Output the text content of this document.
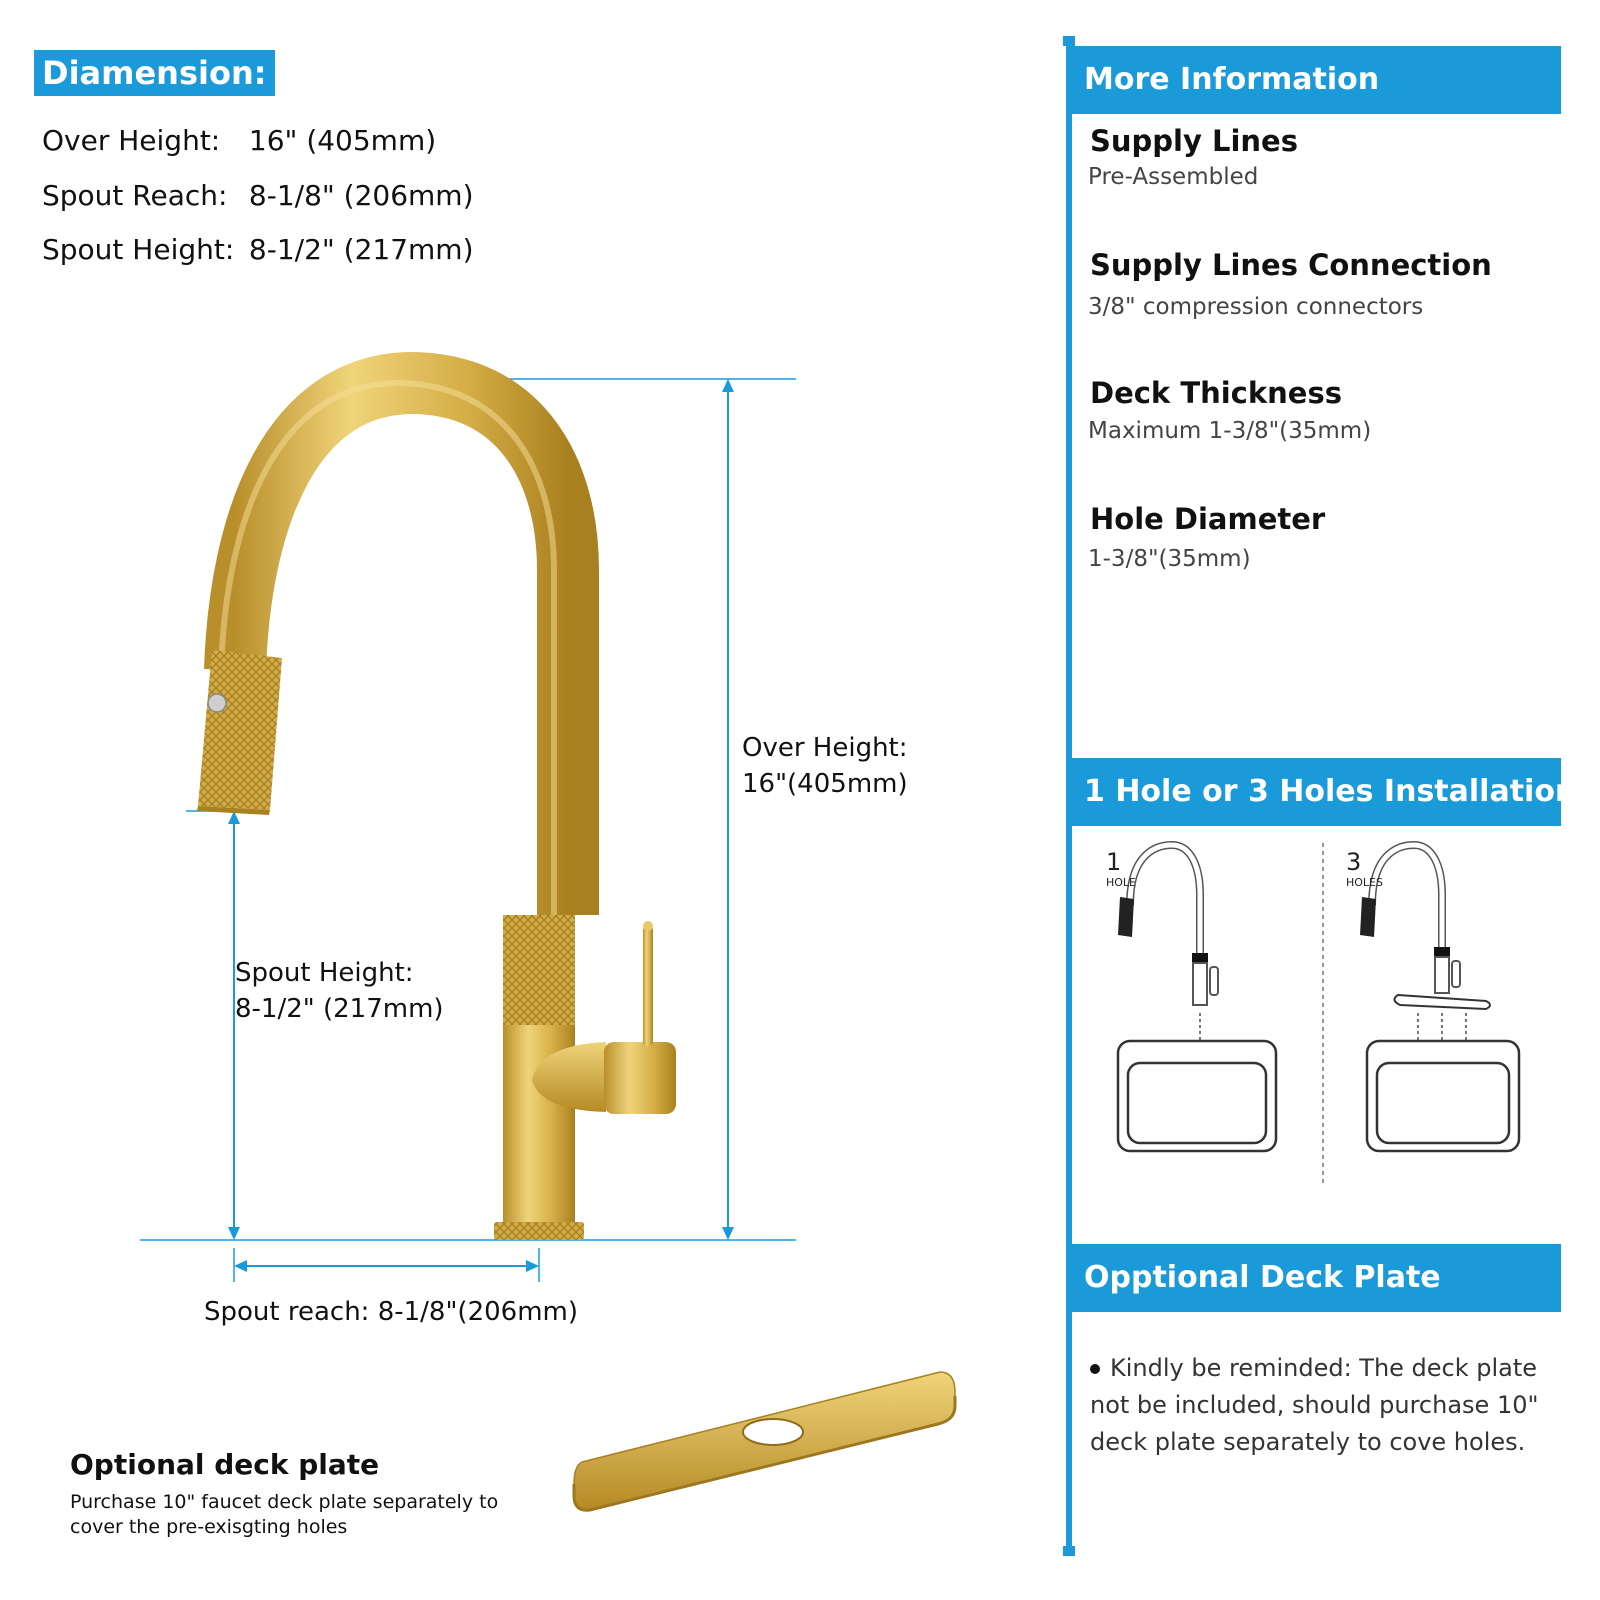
Diamension:
Over Height: 16" (405mm)
Spout Reach: 8-1/8" (206mm)
Spout Height: 8-1/2" (217mm)
Over Height:
16"(405mm)
Spout Height:
8-1/2" (217mm)
Spout reach: 8-1/8"(206mm)
Optional deck plate
Purchase 10" faucet deck plate separately to cover the pre-exisgting holes
More Information
Supply Lines
Pre-Assembled
Supply Lines Connection
3/8" compression connectors
Deck Thickness
Maximum 1-3/8"(35mm)
Hole Diameter
1-3/8"(35mm)
1 Hole or 3 Holes Installation
1
HOLE
3
HOLES
Opptional Deck Plate
Kindly be reminded: The deck plate not be included, should purchase 10" deck plate separately to cove holes.
